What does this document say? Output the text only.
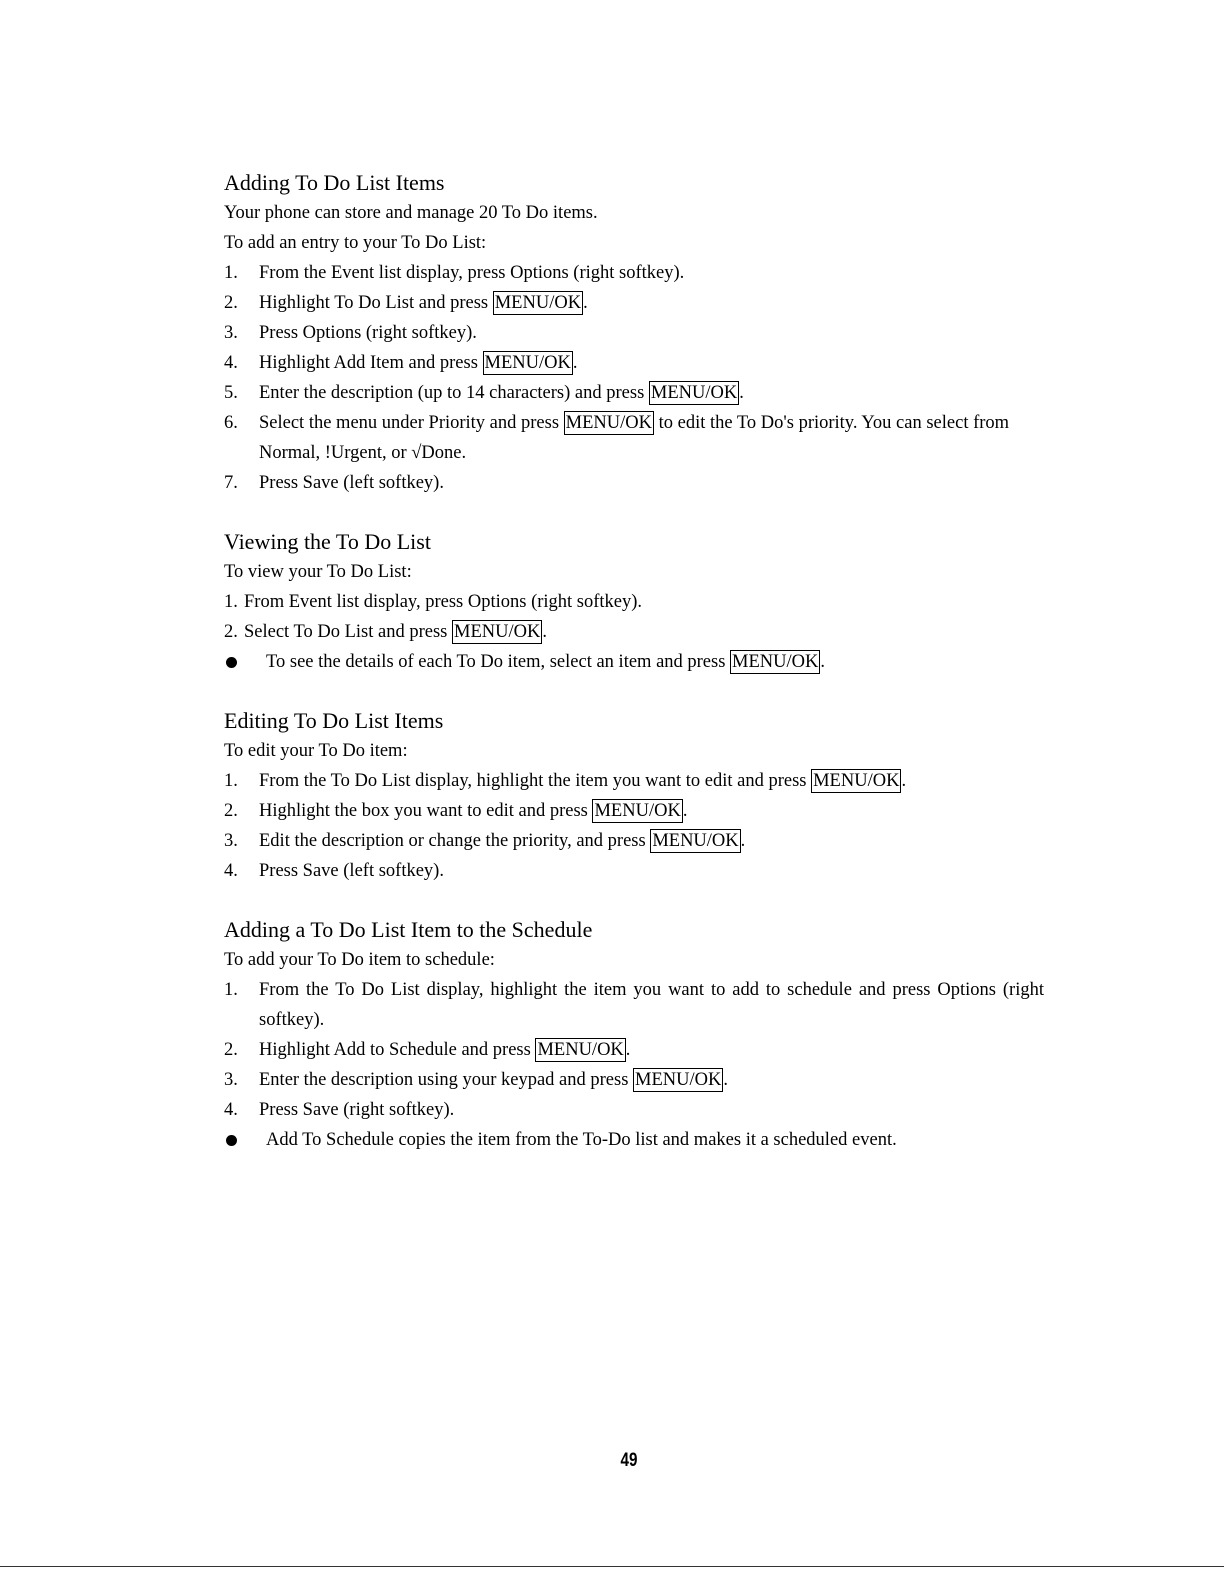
Adding To Do List Items
Your phone can store and manage 20 To Do items.
To add an entry to your To Do List:
1. From the Event list display, press Options (right softkey).
2. Highlight To Do List and press MENU/OK .
3. Press Options (right softkey).
4. Highlight Add Item and press MENU/OK .
5. Enter the description (up to 14 characters) and press MENU/OK .
6. Select the menu under Priority and press MENU/OK to edit the To Do's priority. You can select from Normal, !Urgent, or √Done.
7. Press Save (left softkey).
Viewing the To Do List
To view your To Do List:
1. From Event list display, press Options (right softkey).
2. Select To Do List and press MENU/OK .
To see the details of each To Do item, select an item and press MENU/OK .
Editing To Do List Items
To edit your To Do item:
1. From the To Do List display, highlight the item you want to edit and press MENU/OK .
2. Highlight the box you want to edit and press MENU/OK .
3. Edit the description or change the priority, and press MENU/OK .
4. Press Save (left softkey).
Adding a To Do List Item to the Schedule
To add your To Do item to schedule:
1. From the To Do List display, highlight the item you want to add to schedule and press Options (right softkey).
2. Highlight Add to Schedule and press MENU/OK .
3. Enter the description using your keypad and press MENU/OK .
4. Press Save (right softkey).
Add To Schedule copies the item from the To-Do list and makes it a scheduled event.
49
